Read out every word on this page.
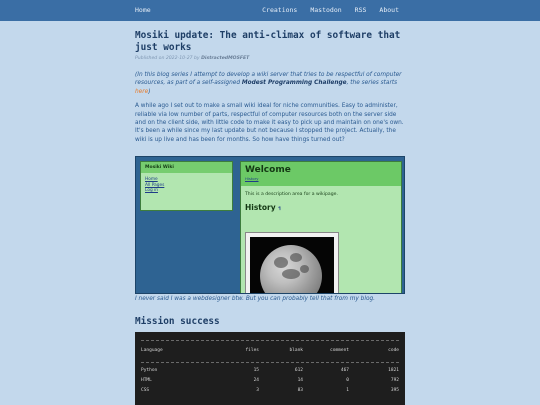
Home	Creations Mastodon RSS About
Mosiki update: The anti-climax of software that just works
Published on 2022-10-27 by DistractedMOSFET

(In this blog series I attempt to develop a wiki server that tries to be respectful of computer resources, as part of a self-assigned Modest Programming Challenge, the series starts here)

A while ago I set out to make a small wiki ideal for niche communities. Easy to administer, reliable via low number of parts, respectful of computer resources both on the server side and on the client side, with little code to make it easy to pick up and maintain on one's own. It's been a while since my last update but not because I stopped the project. Actually, the wiki is up live and has been for months. So how have things turned out?

Mosiki Wiki
Home
All Pages
Log in
Welcome
History
This is a description area for a wikipage.
History ¶
I never said I was a webdesigner btw. But you can probably tell that from my blog.
Mission success
Language	files	blank	comment	code
Python	15	612	467	1821
HTML	24	14	0	792
CSS	3	83	1	395
